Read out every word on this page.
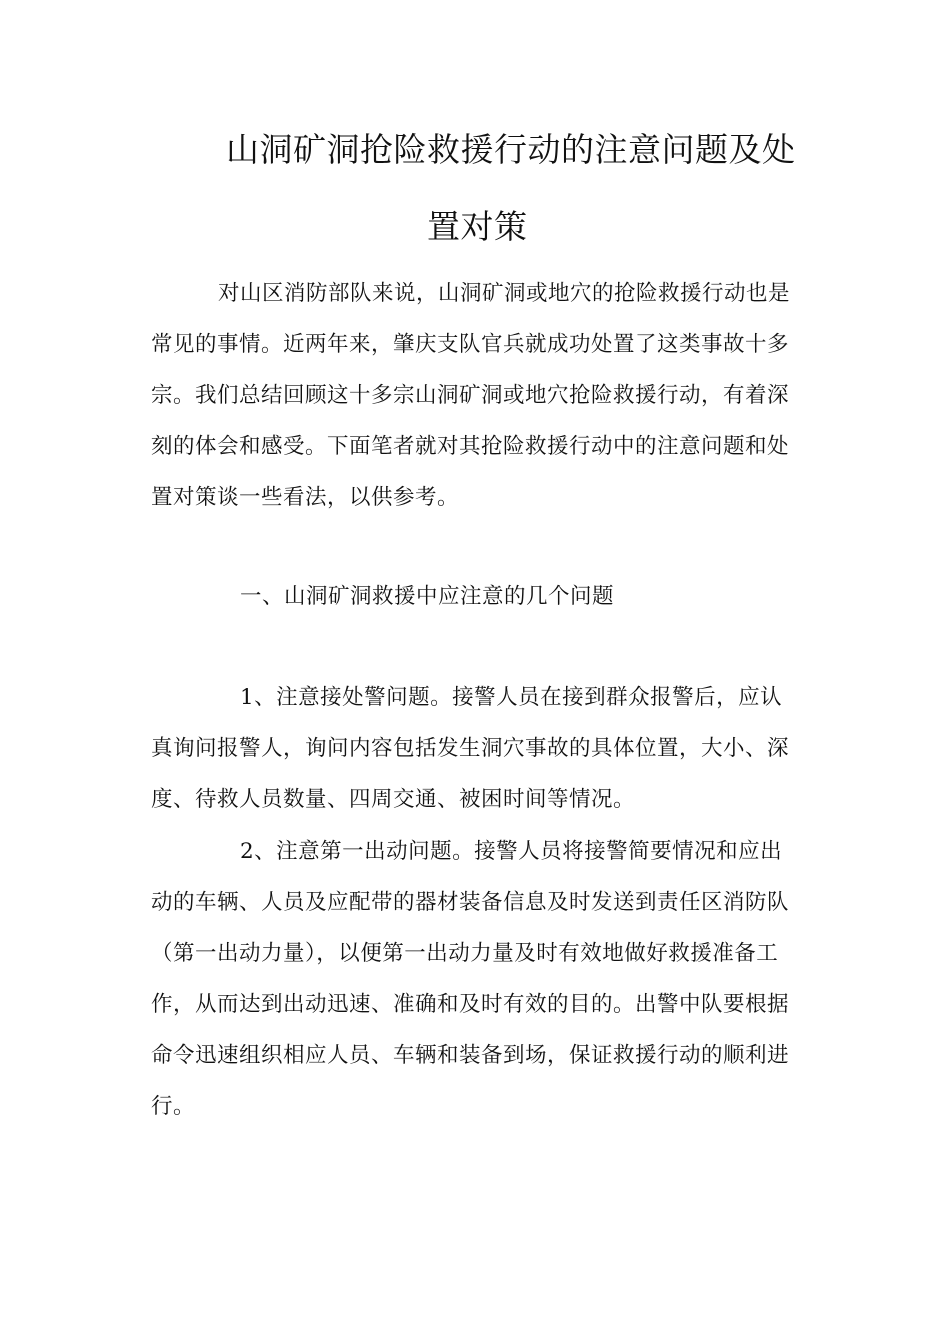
山洞矿洞抢险救援行动的注意问题及处
置对策
对山区消防部队来说，山洞矿洞或地穴的抢险救援行动也是
常见的事情。近两年来，肇庆支队官兵就成功处置了这类事故十多
宗。我们总结回顾这十多宗山洞矿洞或地穴抢险救援行动，有着深
刻的体会和感受。下面笔者就对其抢险救援行动中的注意问题和处
置对策谈一些看法，以供参考。
一、山洞矿洞救援中应注意的几个问题
1、注意接处警问题。接警人员在接到群众报警后，应认
真询问报警人，询问内容包括发生洞穴事故的具体位置，大小、深
度、待救人员数量、四周交通、被困时间等情况。
2、注意第一出动问题。接警人员将接警简要情况和应出
动的车辆、人员及应配带的器材装备信息及时发送到责任区消防队
（第一出动力量），以便第一出动力量及时有效地做好救援准备工
作，从而达到出动迅速、准确和及时有效的目的。出警中队要根据
命令迅速组织相应人员、车辆和装备到场，保证救援行动的顺利进
行。
